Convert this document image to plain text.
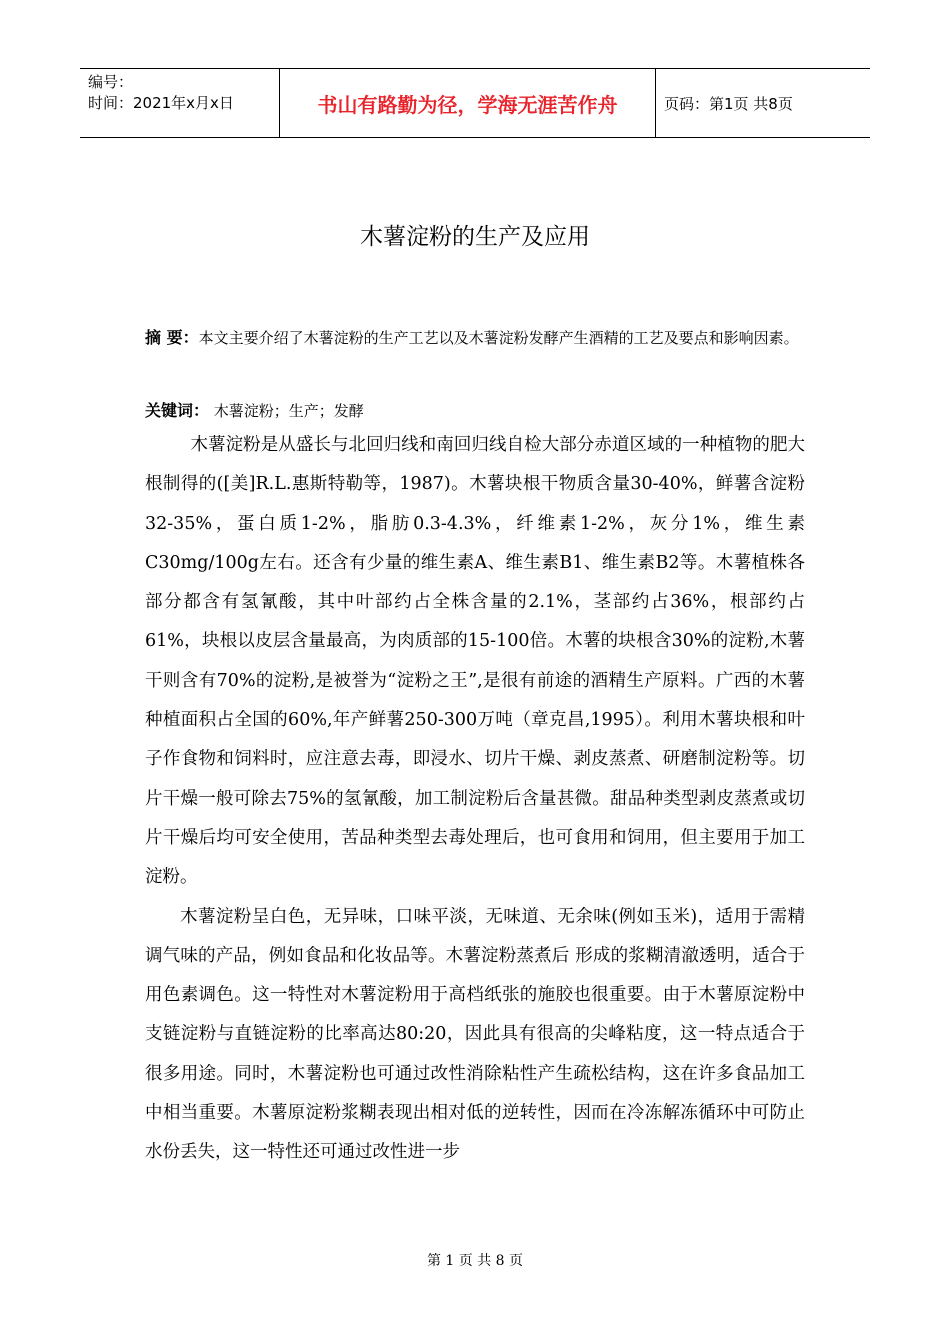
编号：
时间：2021年x月x日	书山有路勤为径，学海无涯苦作舟	页码：第1页 共8页
木薯淀粉的生产及应用
摘 要：本文主要介绍了木薯淀粉的生产工艺以及木薯淀粉发酵产生酒精的工艺及要点和影响因素。
关键词： 木薯淀粉；生产；发酵

木薯淀粉是从盛长与北回归线和南回归线自检大部分赤道区域的一种植物的肥大根制得的([美]R.L.惠斯特勒等，1987)。木薯块根干物质含量30-40%，鲜薯含淀粉32-35%，蛋白质1-2%，脂肪0.3-4.3%，纤维素1-2%，灰分1%，维生素C30mg/100g左右。还含有少量的维生素A、维生素B1、维生素B2等。木薯植株各部分都含有氢氰酸，其中叶部约占全株含量的2.1%，茎部约占36%，根部约占61%，块根以皮层含量最高，为肉质部的15-100倍。木薯的块根含30%的淀粉,木薯干则含有70%的淀粉,是被誉为“淀粉之王”,是很有前途的酒精生产原料。广西的木薯种植面积占全国的60%,年产鲜薯250-300万吨（章克昌,1995）。利用木薯块根和叶子作食物和饲料时，应注意去毒，即浸水、切片干燥、剥皮蒸煮、研磨制淀粉等。切片干燥一般可除去75%的氢氰酸，加工制淀粉后含量甚微。甜品种类型剥皮蒸煮或切片干燥后均可安全使用，苦品种类型去毒处理后，也可食用和饲用，但主要用于加工淀粉。

木薯淀粉呈白色，无异味，口味平淡，无味道、无余味(例如玉米)，适用于需精调气味的产品，例如食品和化妆品等。木薯淀粉蒸煮后 形成的浆糊清澈透明，适合于用色素调色。这一特性对木薯淀粉用于高档纸张的施胶也很重要。由于木薯原淀粉中支链淀粉与直链淀粉的比率高达80:20，因此具有很高的尖峰粘度，这一特点适合于很多用途。同时，木薯淀粉也可通过改性消除粘性产生疏松结构，这在许多食品加工中相当重要。木薯原淀粉浆糊表现出相对低的逆转性，因而在冷冻解冻循环中可防止水份丢失，这一特性还可通过改性进一步

第 1 页 共 8 页
